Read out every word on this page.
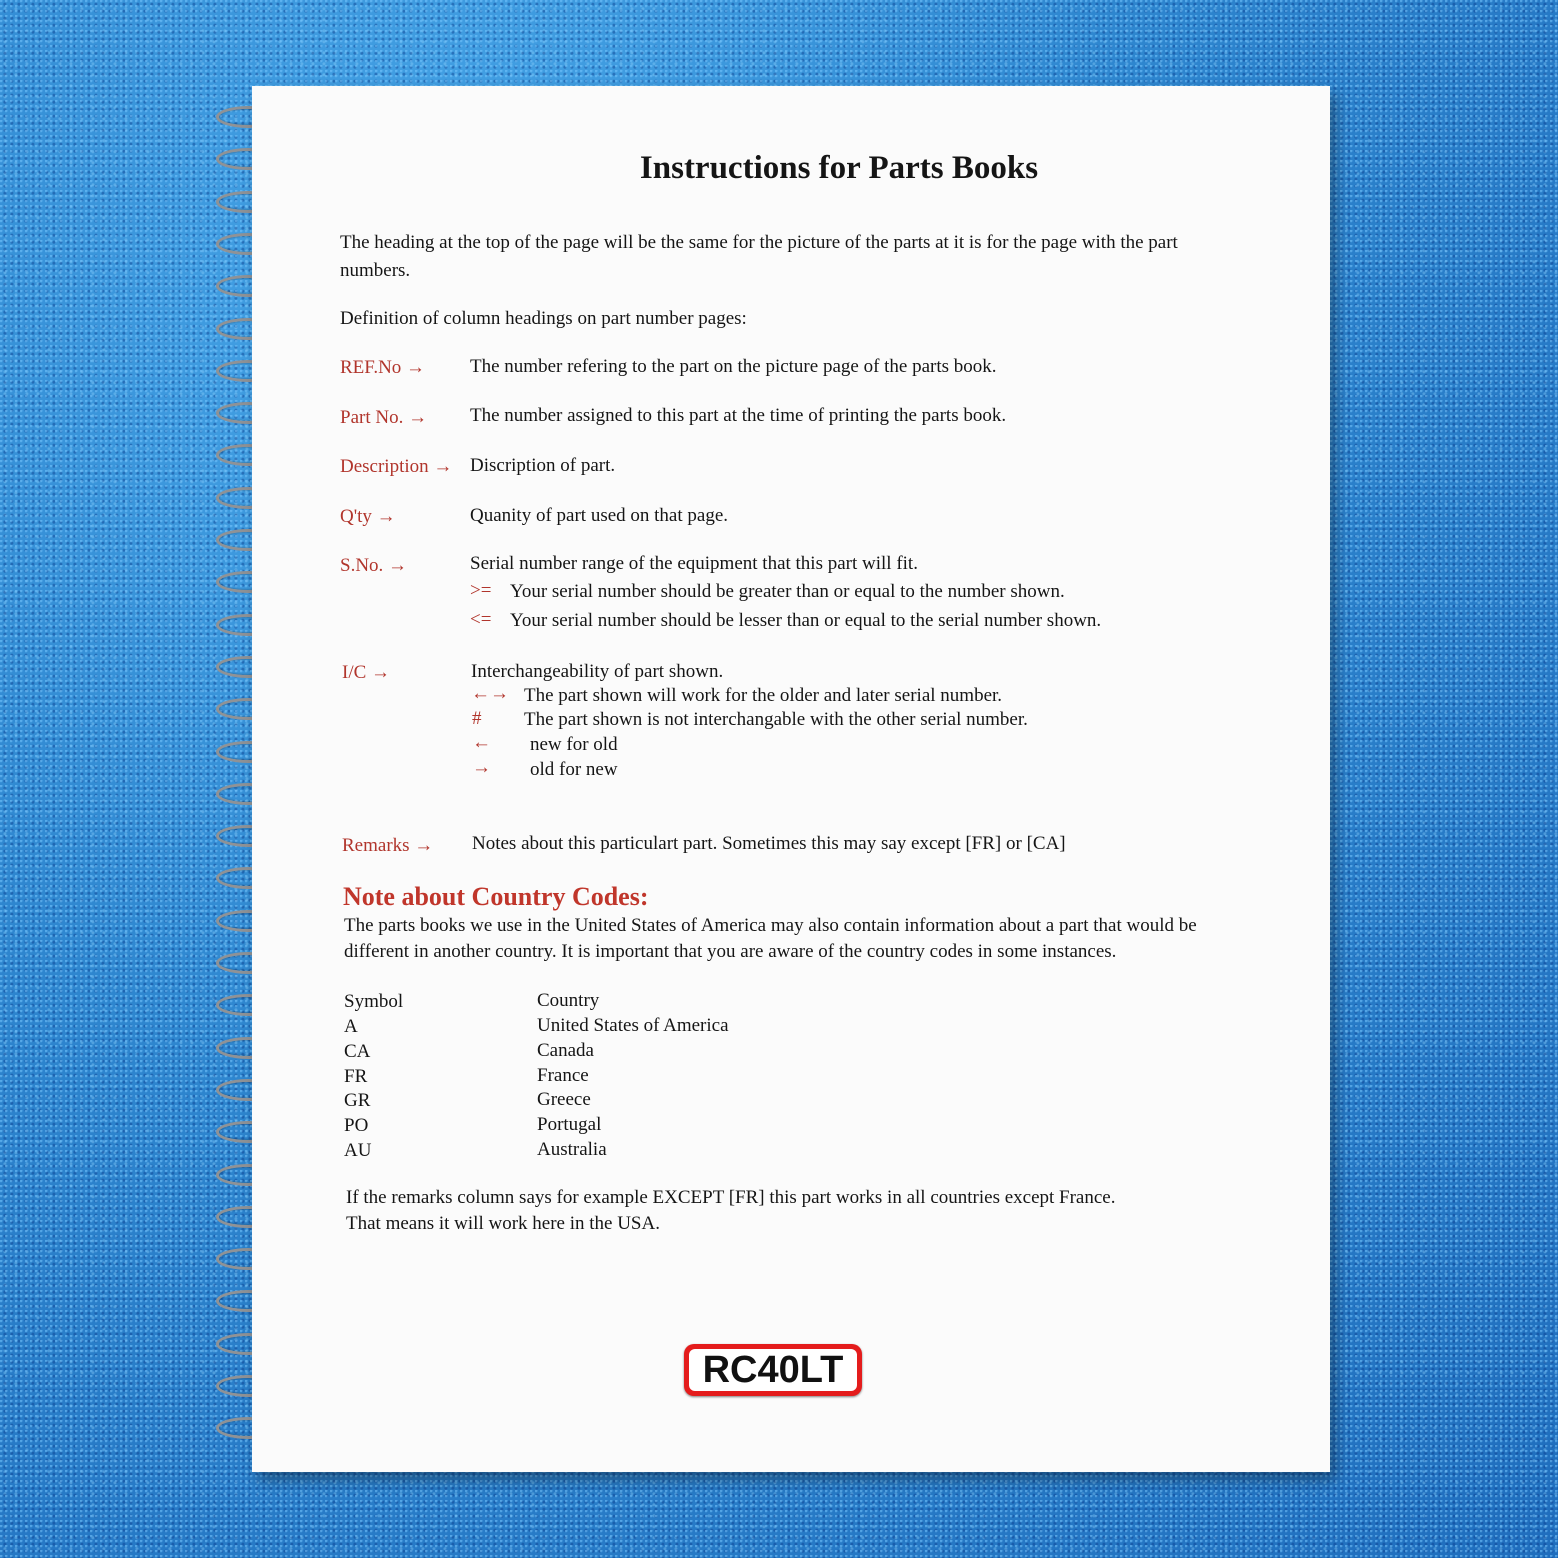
Instructions for Parts Books
The heading at the top of the page will be the same for the picture of the parts at it is for the page with the part
numbers.
Definition of column headings on part number pages:
REF.No → The number refering to the part on the picture page of the parts book.
Part No. → The number assigned to this part at the time of printing the parts book.
Description → Discription of part.
Q'ty →	Quanity of part used on that page.
S.No. →	Serial number range of the equipment that this part will fit.
>= Your serial number should be greater than or equal to the number shown.
<= Your serial number should be lesser than or equal to the serial number shown.
I/C →	Interchangeability of part shown.
←→ The part shown will work for the older and later serial number.
# The part shown is not interchangable with the other serial number.
← new for old
→ old for new
Remarks → Notes about this particulart part. Sometimes this may say except [FR] or [CA]
Note about Country Codes:
The parts books we use in the United States of America may also contain information about a part that would be
different in another country. It is important that you are aware of the country codes in some instances.
Symbol	Country
A	United States of America
CA	Canada
FR	France
GR	Greece
PO	Portugal
AU	Australia
If the remarks column says for example EXCEPT [FR] this part works in all countries except France.
That means it will work here in the USA.
RC40LT
